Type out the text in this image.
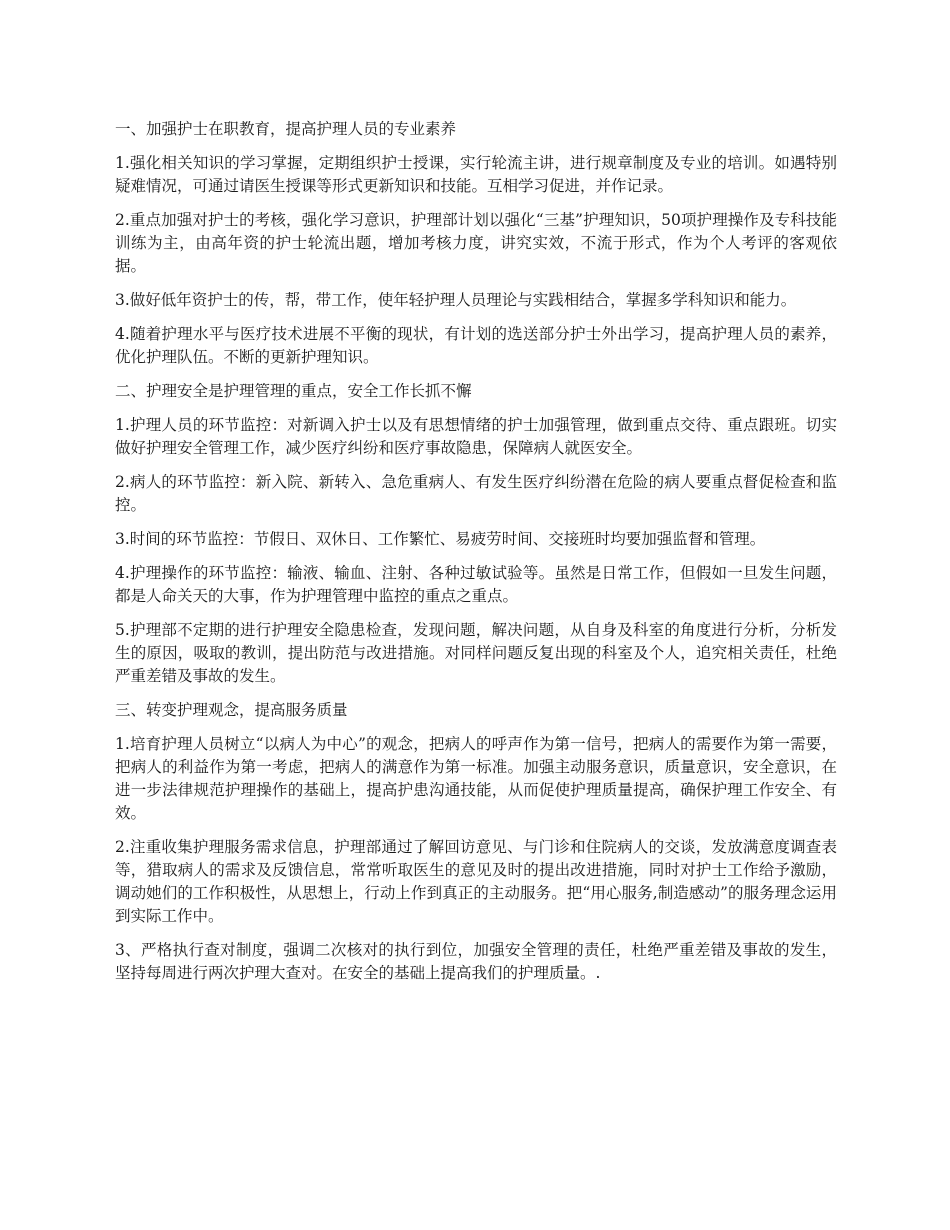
一、加强护士在职教育，提高护理人员的专业素养

1.强化相关知识的学习掌握，定期组织护士授课，实行轮流主讲，进行规章制度及专业的培训。如遇特别疑难情况，可通过请医生授课等形式更新知识和技能。互相学习促进，并作记录。

2.重点加强对护士的考核，强化学习意识，护理部计划以强化“三基”护理知识，50项护理操作及专科技能训练为主，由高年资的护士轮流出题，增加考核力度，讲究实效，不流于形式，作为个人考评的客观依据。

3.做好低年资护士的传，帮，带工作，使年轻护理人员理论与实践相结合，掌握多学科知识和能力。

4.随着护理水平与医疗技术进展不平衡的现状，有计划的选送部分护士外出学习，提高护理人员的素养，优化护理队伍。不断的更新护理知识。

二、护理安全是护理管理的重点，安全工作长抓不懈

1.护理人员的环节监控：对新调入护士以及有思想情绪的护士加强管理，做到重点交待、重点跟班。切实做好护理安全管理工作，减少医疗纠纷和医疗事故隐患，保障病人就医安全。

2.病人的环节监控：新入院、新转入、急危重病人、有发生医疗纠纷潜在危险的病人要重点督促检查和监控。

3.时间的环节监控：节假日、双休日、工作繁忙、易疲劳时间、交接班时均要加强监督和管理。

4.护理操作的环节监控：输液、输血、注射、各种过敏试验等。虽然是日常工作，但假如一旦发生问题，都是人命关天的大事，作为护理管理中监控的重点之重点。

5.护理部不定期的进行护理安全隐患检查，发现问题，解决问题，从自身及科室的角度进行分析，分析发生的原因，吸取的教训，提出防范与改进措施。对同样问题反复出现的科室及个人，追究相关责任，杜绝严重差错及事故的发生。

三、转变护理观念，提高服务质量

1.培育护理人员树立“以病人为中心”的观念，把病人的呼声作为第一信号，把病人的需要作为第一需要，把病人的利益作为第一考虑，把病人的满意作为第一标准。加强主动服务意识，质量意识，安全意识，在进一步法律规范护理操作的基础上，提高护患沟通技能，从而促使护理质量提高，确保护理工作安全、有效。

2.注重收集护理服务需求信息，护理部通过了解回访意见、与门诊和住院病人的交谈，发放满意度调查表等，猎取病人的需求及反馈信息，常常听取医生的意见及时的提出改进措施，同时对护士工作给予激励，调动她们的工作积极性，从思想上，行动上作到真正的主动服务。把“用心服务,制造感动”的服务理念运用到实际工作中。

3、严格执行查对制度，强调二次核对的执行到位，加强安全管理的责任，杜绝严重差错及事故的发生，坚持每周进行两次护理大查对。在安全的基础上提高我们的护理质量。.
